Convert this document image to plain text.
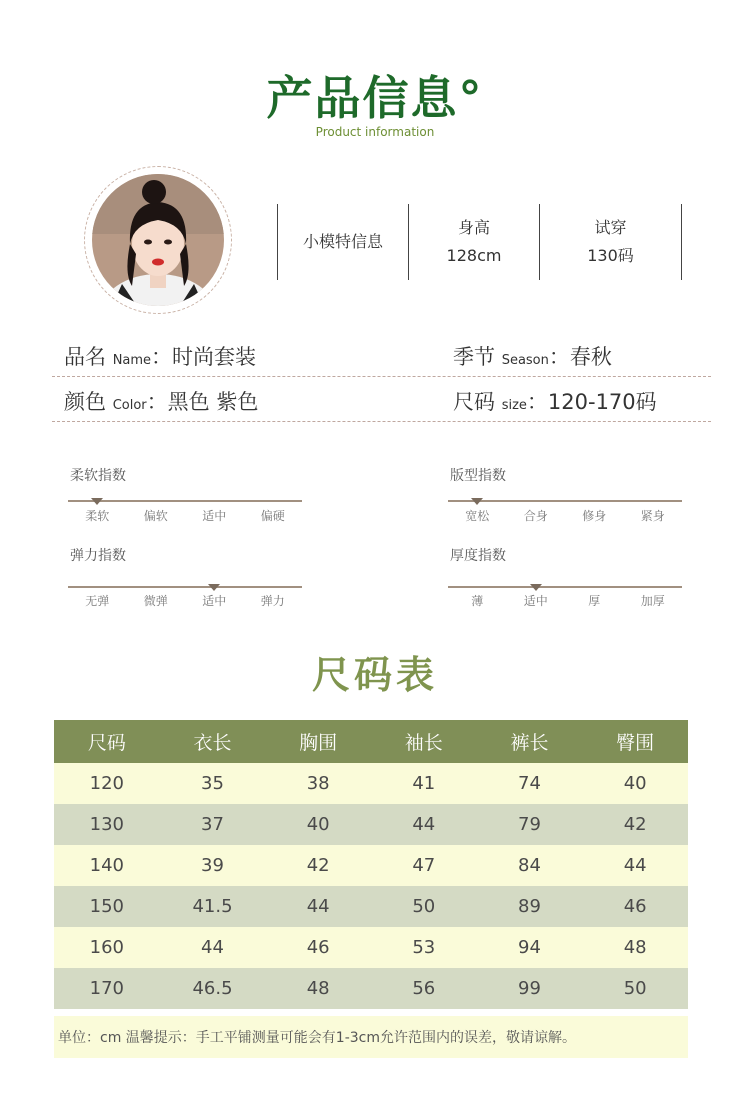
产品信息°
Product information
小模特信息
身高
128cm
试穿
130码
品名 Name：时尚套装	季节 Season：春秋
颜色 Color：黑色 紫色	尺码 size：120-170码
柔软指数
柔软	偏软	适中	偏硬
版型指数
宽松	合身	修身	紧身
弹力指数
无弹	微弹	适中	弹力
厚度指数
薄	适中	厚	加厚
尺码表
尺码	衣长	胸围	袖长	裤长	臀围
120	35	38	41	74	40
130	37	40	44	79	42
140	39	42	47	84	44
150	41.5	44	50	89	46
160	44	46	53	94	48
170	46.5	48	56	99	50
单位：cm 温馨提示：手工平铺测量可能会有1-3cm允许范围内的误差，敬请谅解。
